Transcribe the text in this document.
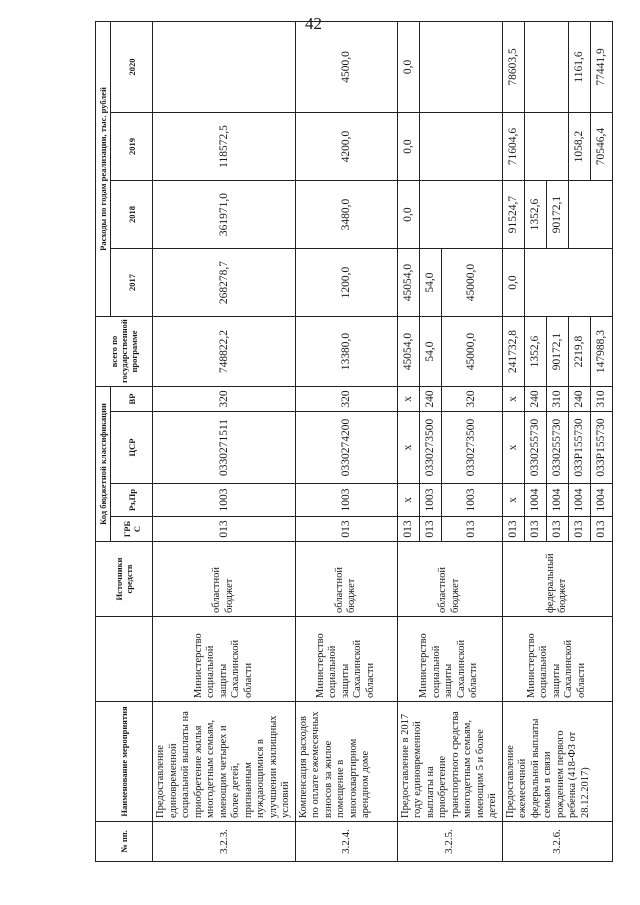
42
№ пп.	Наименование мероприятия		Источники средств	Код бюджетной классификации				всего по государственной программе	Расходы по годам реализации, тыс. рублей			
				ГРБ С	Рз,Пр	ЦСР	ВР		2017	2018	2019	2020
3.2.3.	Предоставление единовременной социальной выплаты на приобретение жилья многодетным семьям, имеющим четырех и более детей, признанным нуждающимися в улучшении жилищных условий	Министерство социальной защиты Сахалинской области	областной бюджет	013	1003	0330271511	320	748822,2	268278,7	361971,0	118572,5	
3.2.4.	Компенсация расходов по оплате ежемесячных взносов за жилое помещение в многоквартирном арендном доме	Министерство социальной защиты Сахалинской области	областной бюджет	013	1003	0330274200	320	13380,0	1200,0	3480,0	4200,0	4500,0
3.2.5.	Предоставление в 2017 году единовременной выплаты на приобретение транспортного средства многодетным семьям, имеющим 5 и более детей	Министерство социальной защиты Сахалинской области	областной бюджет	013	х	х	х	45054,0	45054,0	0,0	0,0	0,0
				013	1003	0330273500	240	54,0	54,0			
				013	1003	0330273500	320	45000,0	45000,0			
3.2.6.	Предоставление ежемесячной федеральной выплаты семьям в связи рождением первого ребенка (418-ФЗ от 28.12.2017)	Министерство социальной защиты Сахалинской области	федеральный бюджет	013	х	х	х	241732,8	0,0	91524,7	71604,6	78603,5
				013	1004	0330255730	240	1352,6		1352,6		
				013	1004	0330255730	310	90172,1		90172,1		
				013	1004	033P155730	240	2219,8			1058,2	1161,6
				013	1004	033P155730	310	147988,3			70546,4	77441,9
